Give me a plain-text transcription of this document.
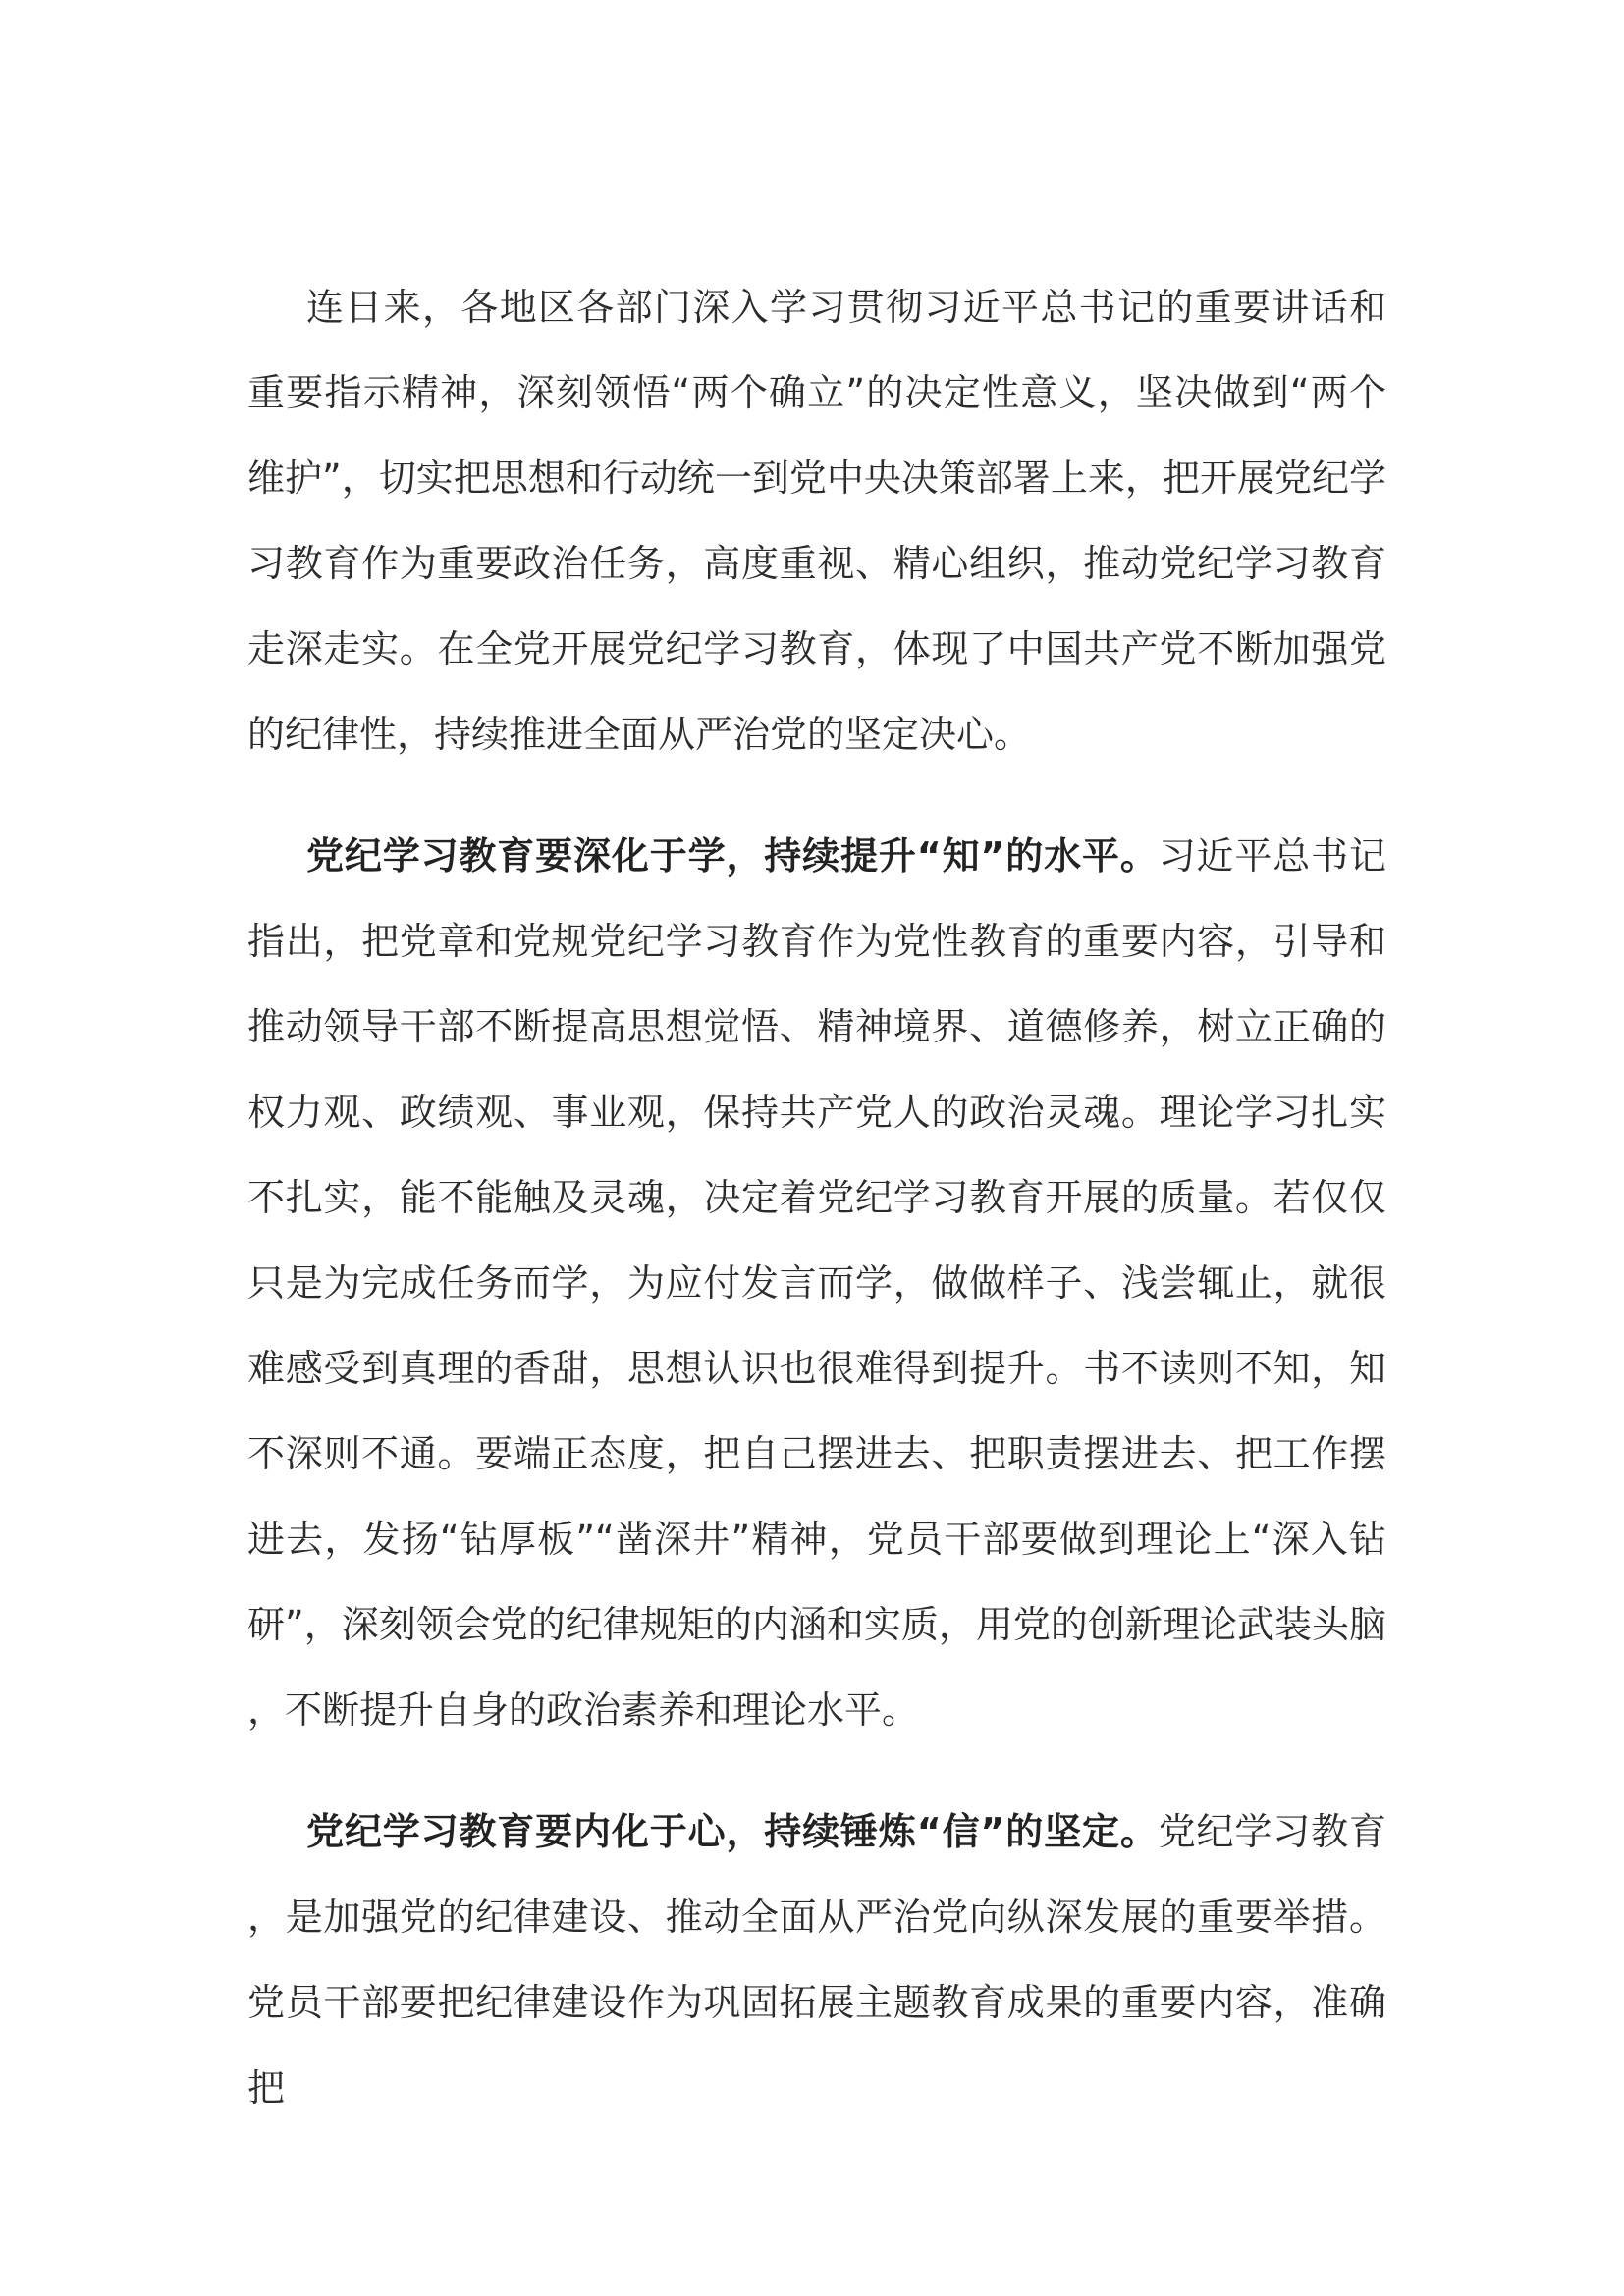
连日来，各地区各部门深入学习贯彻习近平总书记的重要讲话和重要指示精神，深刻领悟“两个确立”的决定性意义，坚决做到“两个维护”，切实把思想和行动统一到党中央决策部署上来，把开展党纪学习教育作为重要政治任务，高度重视、精心组织，推动党纪学习教育走深走实。在全党开展党纪学习教育，体现了中国共产党不断加强党的纪律性，持续推进全面从严治党的坚定决心。

党纪学习教育要深化于学，持续提升“知”的水平。习近平总书记指出，把党章和党规党纪学习教育作为党性教育的重要内容，引导和推动领导干部不断提高思想觉悟、精神境界、道德修养，树立正确的权力观、政绩观、事业观，保持共产党人的政治灵魂。理论学习扎实不扎实，能不能触及灵魂，决定着党纪学习教育开展的质量。若仅仅只是为完成任务而学，为应付发言而学，做做样子、浅尝辄止，就很难感受到真理的香甜，思想认识也很难得到提升。书不读则不知，知不深则不通。要端正态度，把自己摆进去、把职责摆进去、把工作摆进去，发扬“钻厚板”“凿深井”精神，党员干部要做到理论上“深入钻研”，深刻领会党的纪律规矩的内涵和实质，用党的创新理论武装头脑，不断提升自身的政治素养和理论水平。

党纪学习教育要内化于心，持续锤炼“信”的坚定。党纪学习教育，是加强党的纪律建设、推动全面从严治党向纵深发展的重要举措。党员干部要把纪律建设作为巩固拓展主题教育成果的重要内容，准确把
